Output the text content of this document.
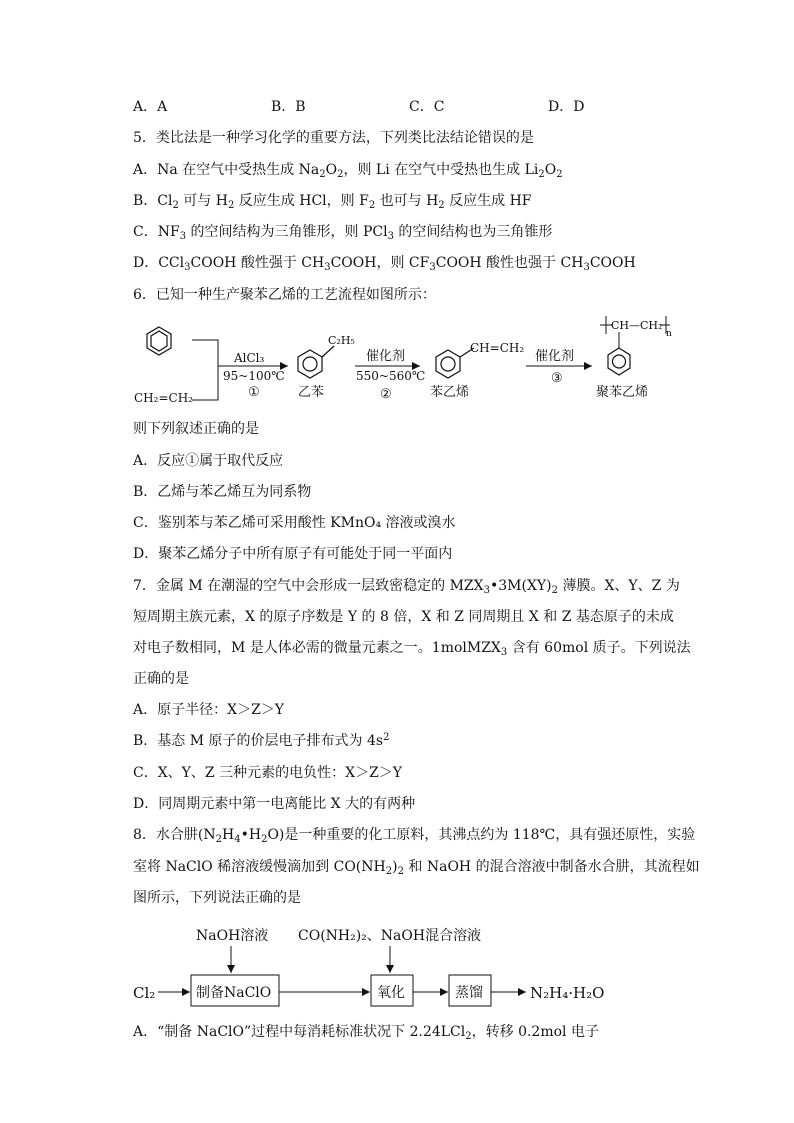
A．A	B．B	C．C	D．D
5．类比法是一种学习化学的重要方法，下列类比法结论错误的是
A．Na 在空气中受热生成 $Na_2O_2$，则 Li 在空气中受热也生成 $Li_2O_2$
B．$Cl_2$ 可与 $H_2$ 反应生成 HCl，则 $F_2$ 也可与 $H_2$ 反应生成 HF
C．$NF_3$ 的空间结构为三角锥形，则 PCl$_3$ 的空间结构也为三角锥形
D．CCl$_3$COOH 酸性强于 $CH_3COOH$，则 $CF_3COOH$ 酸性也强于 $CH_3COOH$
6．已知一种生产聚苯乙烯的工艺流程如图所示：
CH₂=CH₂
AlCl₃
95~100℃
①
C₂H₅
乙苯
催化剂
550~560℃
②
CH=CH₂
苯乙烯
催化剂
③
CH—CH₂
n
聚苯乙烯
则下列叙述正确的是
A．反应①属于取代反应
B．乙烯与苯乙烯互为同系物
C．鉴别苯与苯乙烯可采用酸性 KMnO₄ 溶液或溴水
D．聚苯乙烯分子中所有原子有可能处于同一平面内
7．金属 M 在潮湿的空气中会形成一层致密稳定的 $MZX_3•3M(XY)_2$ 薄膜。X、Y、Z 为
短周期主族元素，X 的原子序数是 Y 的 8 倍，X 和 Z 同周期且 X 和 Z 基态原子的未成
对电子数相同，M 是人体必需的微量元素之一。1molMZX$_3$ 含有 60mol 质子。下列说法
正确的是
A．原子半径：X＞Z＞Y
B．基态 M 原子的价层电子排布式为 $4s^2$
C．X、Y、Z 三种元素的电负性：X＞Z＞Y
D．同周期元素中第一电离能比 X 大的有两种
8．水合肼$(N_2H_4•H_2O)$是一种重要的化工原料，其沸点约为 118℃，具有强还原性，实验
室将 NaClO 稀溶液缓慢滴加到 $CO(NH_2)_2$ 和 NaOH 的混合溶液中制备水合肼，其流程如
图所示，下列说法正确的是
NaOH溶液 CO(NH₂)₂、NaOH混合溶液
Cl₂	制备NaClO	氧化	蒸馏	N₂H₄·H₂O
A．“制备 NaClO”过程中每消耗标准状况下 2.24LCl$_2$，转移 0.2mol 电子
